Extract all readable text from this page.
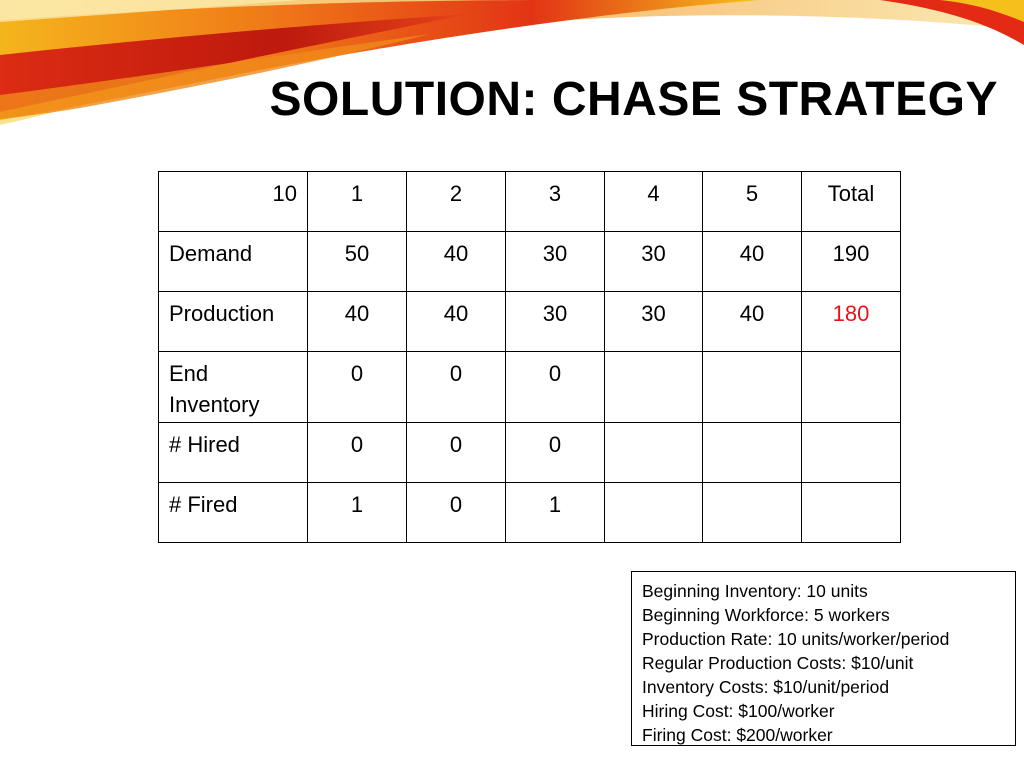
SOLUTION: CHASE STRATEGY
10	1	2	3	4	5	Total
Demand	50	40	30	30	40	190
Production	40	40	30	30	40	180
End Inventory	0	0	0			
# Hired	0	0	0			
# Fired	1	0	1			
Beginning Inventory: 10 units
Beginning Workforce: 5 workers
Production Rate: 10 units/worker/period
Regular Production Costs: $10/unit
Inventory Costs: $10/unit/period
Hiring Cost: $100/worker
Firing Cost: $200/worker
